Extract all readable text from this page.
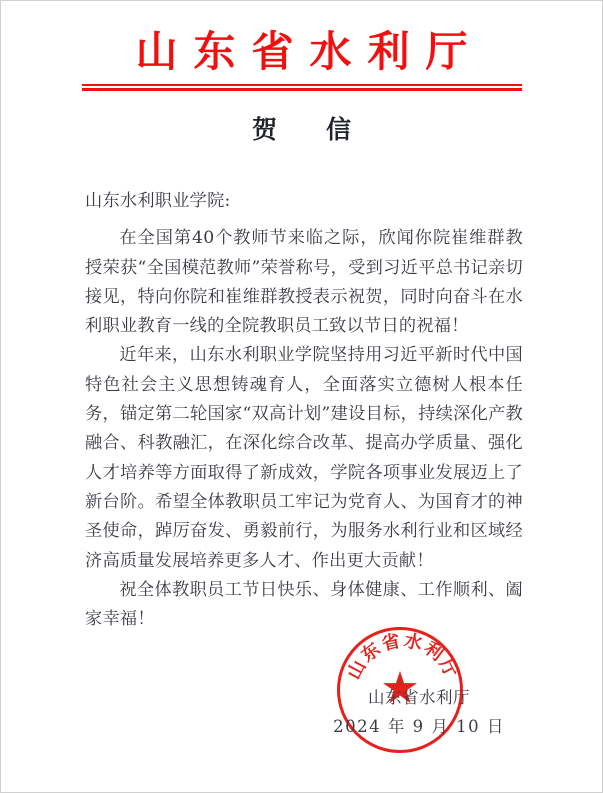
山东省水利厅
贺　信

山东水利职业学院:

在全国第40个教师节来临之际，欣闻你院崔维群教授荣获“全国模范教师”荣誉称号，受到习近平总书记亲切接见，特向你院和崔维群教授表示祝贺，同时向奋斗在水利职业教育一线的全院教职员工致以节日的祝福！

近年来，山东水利职业学院坚持用习近平新时代中国特色社会主义思想铸魂育人，全面落实立德树人根本任务，锚定第二轮国家“双高计划”建设目标，持续深化产教融合、科教融汇，在深化综合改革、提高办学质量、强化人才培养等方面取得了新成效，学院各项事业发展迈上了新台阶。希望全体教职员工牢记为党育人、为国育才的神圣使命，踔厉奋发、勇毅前行，为服务水利行业和区域经济高质量发展培养更多人才、作出更大贡献！

祝全体教职员工节日快乐、身体健康、工作顺利、阖家幸福！

山东省水利厅
山东省水利厅
2024 年 9 月 10 日
